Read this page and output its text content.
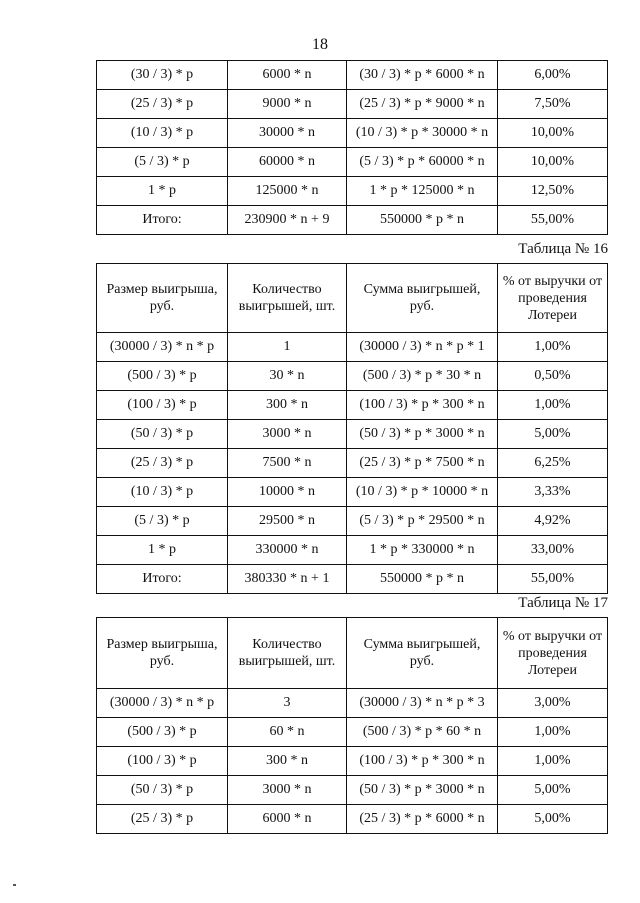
18
(30 / 3) * p	6000 * n	(30 / 3) * p * 6000 * n	6,00%
(25 / 3) * p	9000 * n	(25 / 3) * p * 9000 * n	7,50%
(10 / 3) * p	30000 * n	(10 / 3) * p * 30000 * n	10,00%
(5 / 3) * p	60000 * n	(5 / 3) * p * 60000 * n	10,00%
1 * p	125000 * n	1 * p * 125000 * n	12,50%
Итого:	230900 * n + 9	550000 * p * n	55,00%
Таблица № 16
Размер выигрыша, руб.	Количество выигрышей, шт.	Сумма выигрышей, руб.	% от выручки от проведения Лотереи
(30000 / 3) * n * p	1	(30000 / 3) * n * p * 1	1,00%
(500 / 3) * p	30 * n	(500 / 3) * p * 30 * n	0,50%
(100 / 3) * p	300 * n	(100 / 3) * p * 300 * n	1,00%
(50 / 3) * p	3000 * n	(50 / 3) * p * 3000 * n	5,00%
(25 / 3) * p	7500 * n	(25 / 3) * p * 7500 * n	6,25%
(10 / 3) * p	10000 * n	(10 / 3) * p * 10000 * n	3,33%
(5 / 3) * p	29500 * n	(5 / 3) * p * 29500 * n	4,92%
1 * p	330000 * n	1 * p * 330000 * n	33,00%
Итого:	380330 * n + 1	550000 * p * n	55,00%
Таблица № 17
Размер выигрыша, руб.	Количество выигрышей, шт.	Сумма выигрышей, руб.	% от выручки от проведения Лотереи
(30000 / 3) * n * p	3	(30000 / 3) * n * p * 3	3,00%
(500 / 3) * p	60 * n	(500 / 3) * p * 60 * n	1,00%
(100 / 3) * p	300 * n	(100 / 3) * p * 300 * n	1,00%
(50 / 3) * p	3000 * n	(50 / 3) * p * 3000 * n	5,00%
(25 / 3) * p	6000 * n	(25 / 3) * p * 6000 * n	5,00%
